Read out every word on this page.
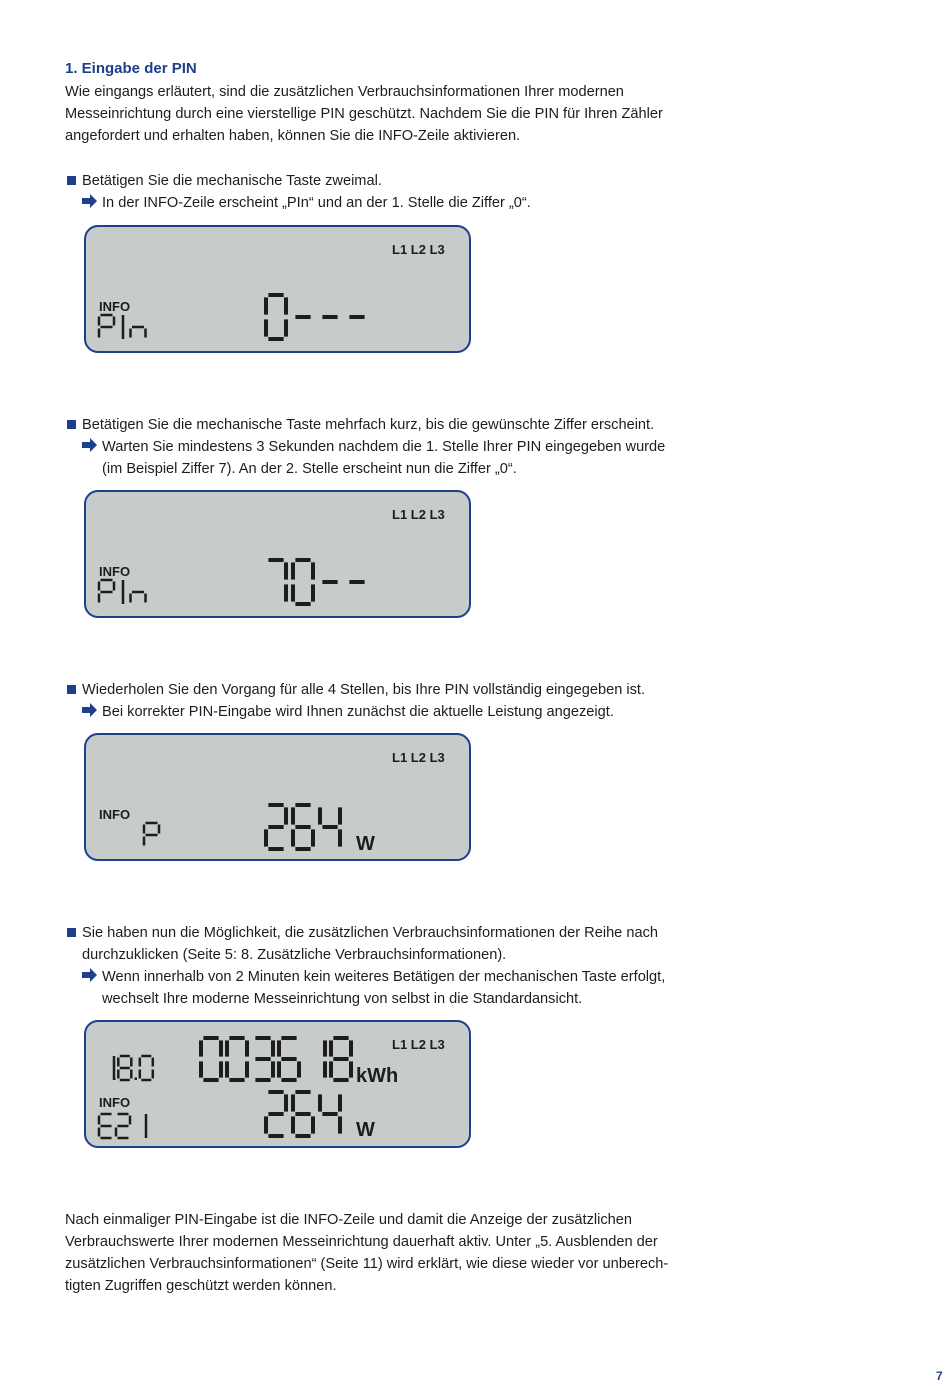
1. Eingabe der PIN

Wie eingangs erläutert, sind die zusätzlichen Verbrauchsinformationen Ihrer modernen Messeinrichtung durch eine vierstellige PIN geschützt. Nachdem Sie die PIN für Ihren Zähler angefordert und erhalten haben, können Sie die INFO-Zeile aktivieren.

Betätigen Sie die mechanische Taste zweimal.
In der INFO-Zeile erscheint „PIn“ und an der 1. Stelle die Ziffer „0“.
L1 L2 L3
INFO
Betätigen Sie die mechanische Taste mehrfach kurz, bis die gewünschte Ziffer erscheint.
Warten Sie mindestens 3 Sekunden nachdem die 1. Stelle Ihrer PIN eingegeben wurde (im Beispiel Ziffer 7). An der 2. Stelle erscheint nun die Ziffer „0“.
L1 L2 L3
INFO
Wiederholen Sie den Vorgang für alle 4 Stellen, bis Ihre PIN vollständig eingegeben ist.
Bei korrekter PIN-Eingabe wird Ihnen zunächst die aktuelle Leistung angezeigt.
L1 L2 L3
INFO
W
Sie haben nun die Möglichkeit, die zusätzlichen Verbrauchsinformationen der Reihe nach durchzuklicken (Seite 5: 8. Zusätzliche Verbrauchsinformationen).
Wenn innerhalb von 2 Minuten kein weiteres Betätigen der mechanischen Taste erfolgt, wechselt Ihre moderne Messeinrichtung von selbst in die Standardansicht.
L1 L2 L3
kWh
INFO
W

Nach einmaliger PIN-Eingabe ist die INFO-Zeile und damit die Anzeige der zusätzlichen Verbrauchswerte Ihrer modernen Messeinrichtung dauerhaft aktiv. Unter „5. Ausblenden der zusätzlichen Verbrauchsinformationen“ (Seite 11) wird erklärt, wie diese wieder vor unberechtigten Zugriffen geschützt werden können.

7
